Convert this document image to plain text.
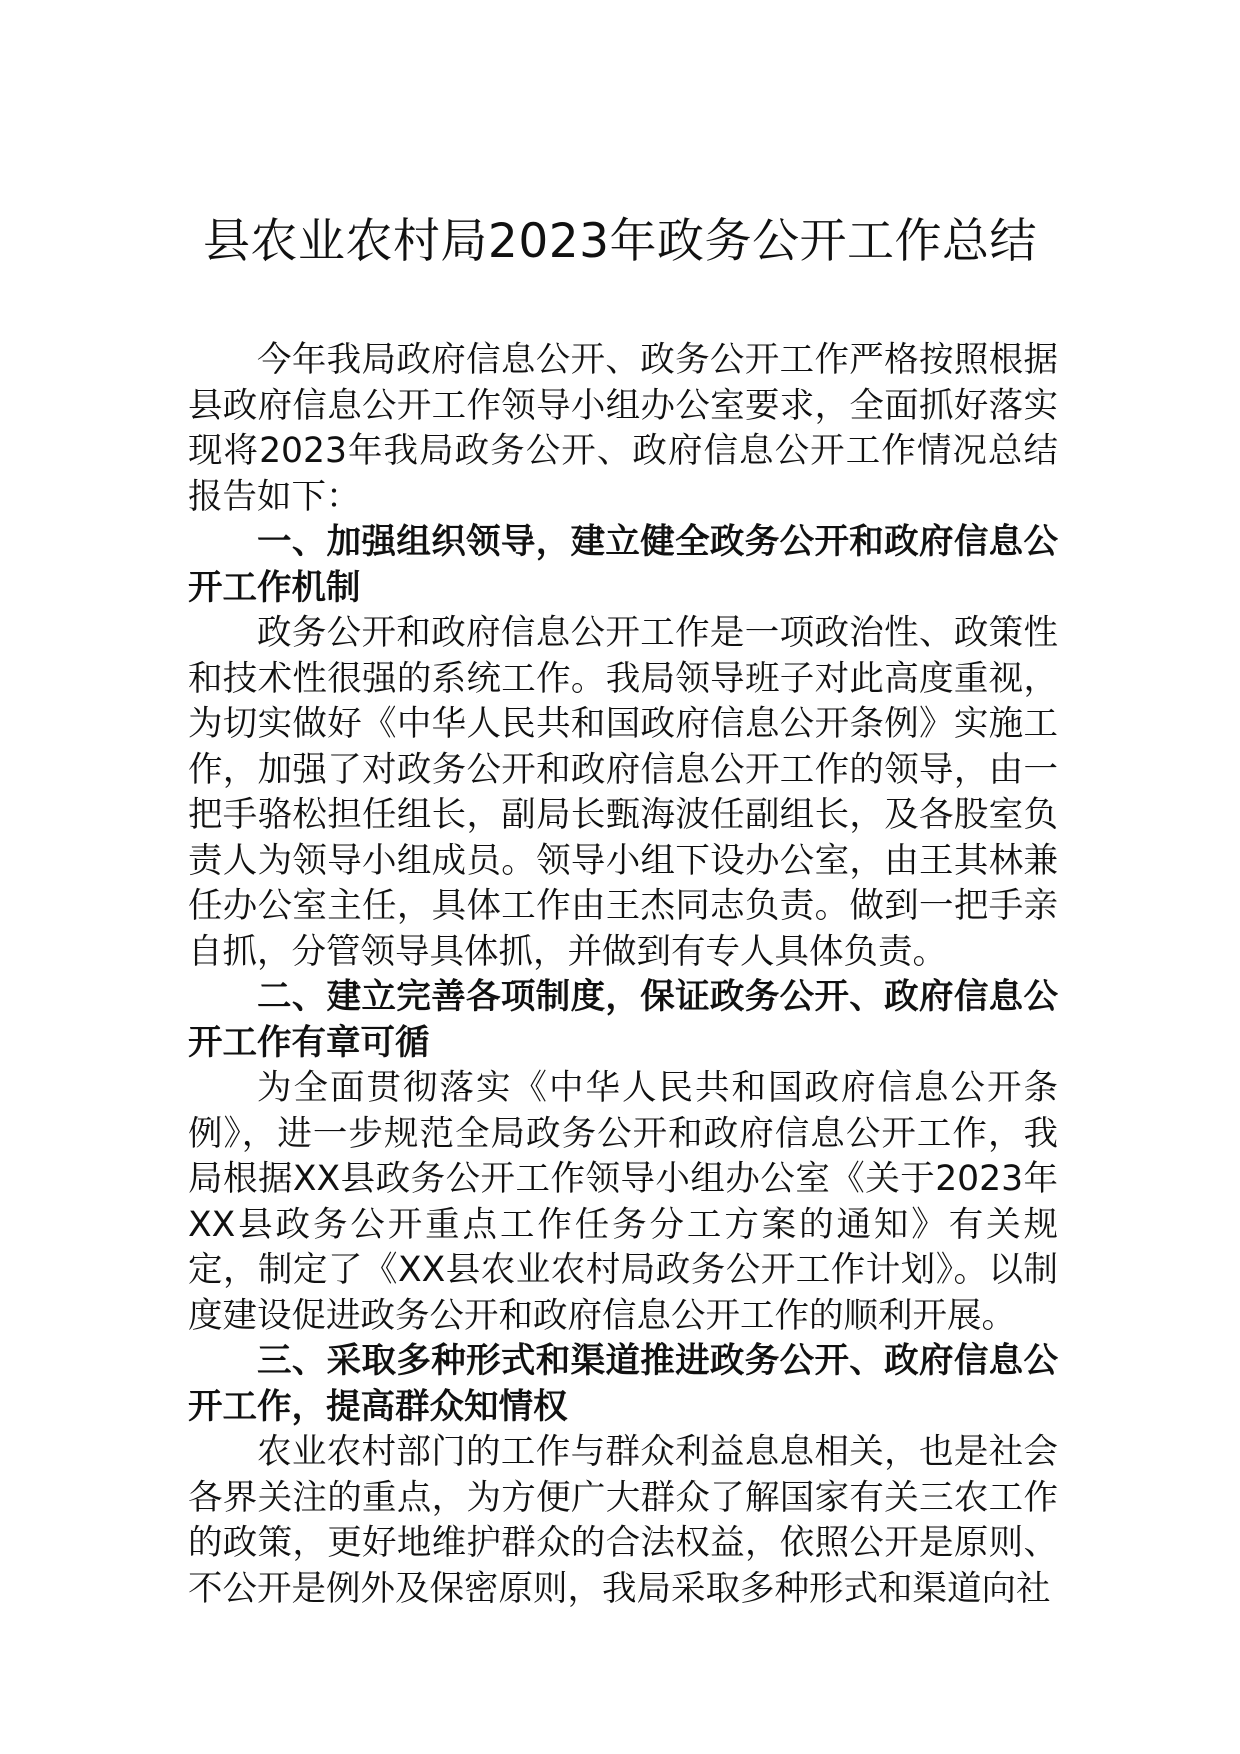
县农业农村局2023年政务公开工作总结

今年我局政府信息公开、政务公开工作严格按照根据县政府信息公开工作领导小组办公室要求，全面抓好落实现将2023年我局政务公开、政府信息公开工作情况总结报告如下：

一、加强组织领导，建立健全政务公开和政府信息公开工作机制

政务公开和政府信息公开工作是一项政治性、政策性和技术性很强的系统工作。我局领导班子对此高度重视，为切实做好《中华人民共和国政府信息公开条例》实施工作，加强了对政务公开和政府信息公开工作的领导，由一把手骆松担任组长，副局长甄海波任副组长，及各股室负责人为领导小组成员。领导小组下设办公室，由王其林兼任办公室主任，具体工作由王杰同志负责。做到一把手亲自抓，分管领导具体抓，并做到有专人具体负责。

二、建立完善各项制度，保证政务公开、政府信息公开工作有章可循

为全面贯彻落实《中华人民共和国政府信息公开条例》，进一步规范全局政务公开和政府信息公开工作，我局根据XX县政务公开工作领导小组办公室《关于2023年XX县政务公开重点工作任务分工方案的通知》有关规定，制定了《XX县农业农村局政务公开工作计划》。以制度建设促进政务公开和政府信息公开工作的顺利开展。

三、采取多种形式和渠道推进政务公开、政府信息公开工作，提高群众知情权

农业农村部门的工作与群众利益息息相关，也是社会各界关注的重点，为方便广大群众了解国家有关三农工作的政策，更好地维护群众的合法权益，依照公开是原则、不公开是例外及保密原则，我局采取多种形式和渠道向社
